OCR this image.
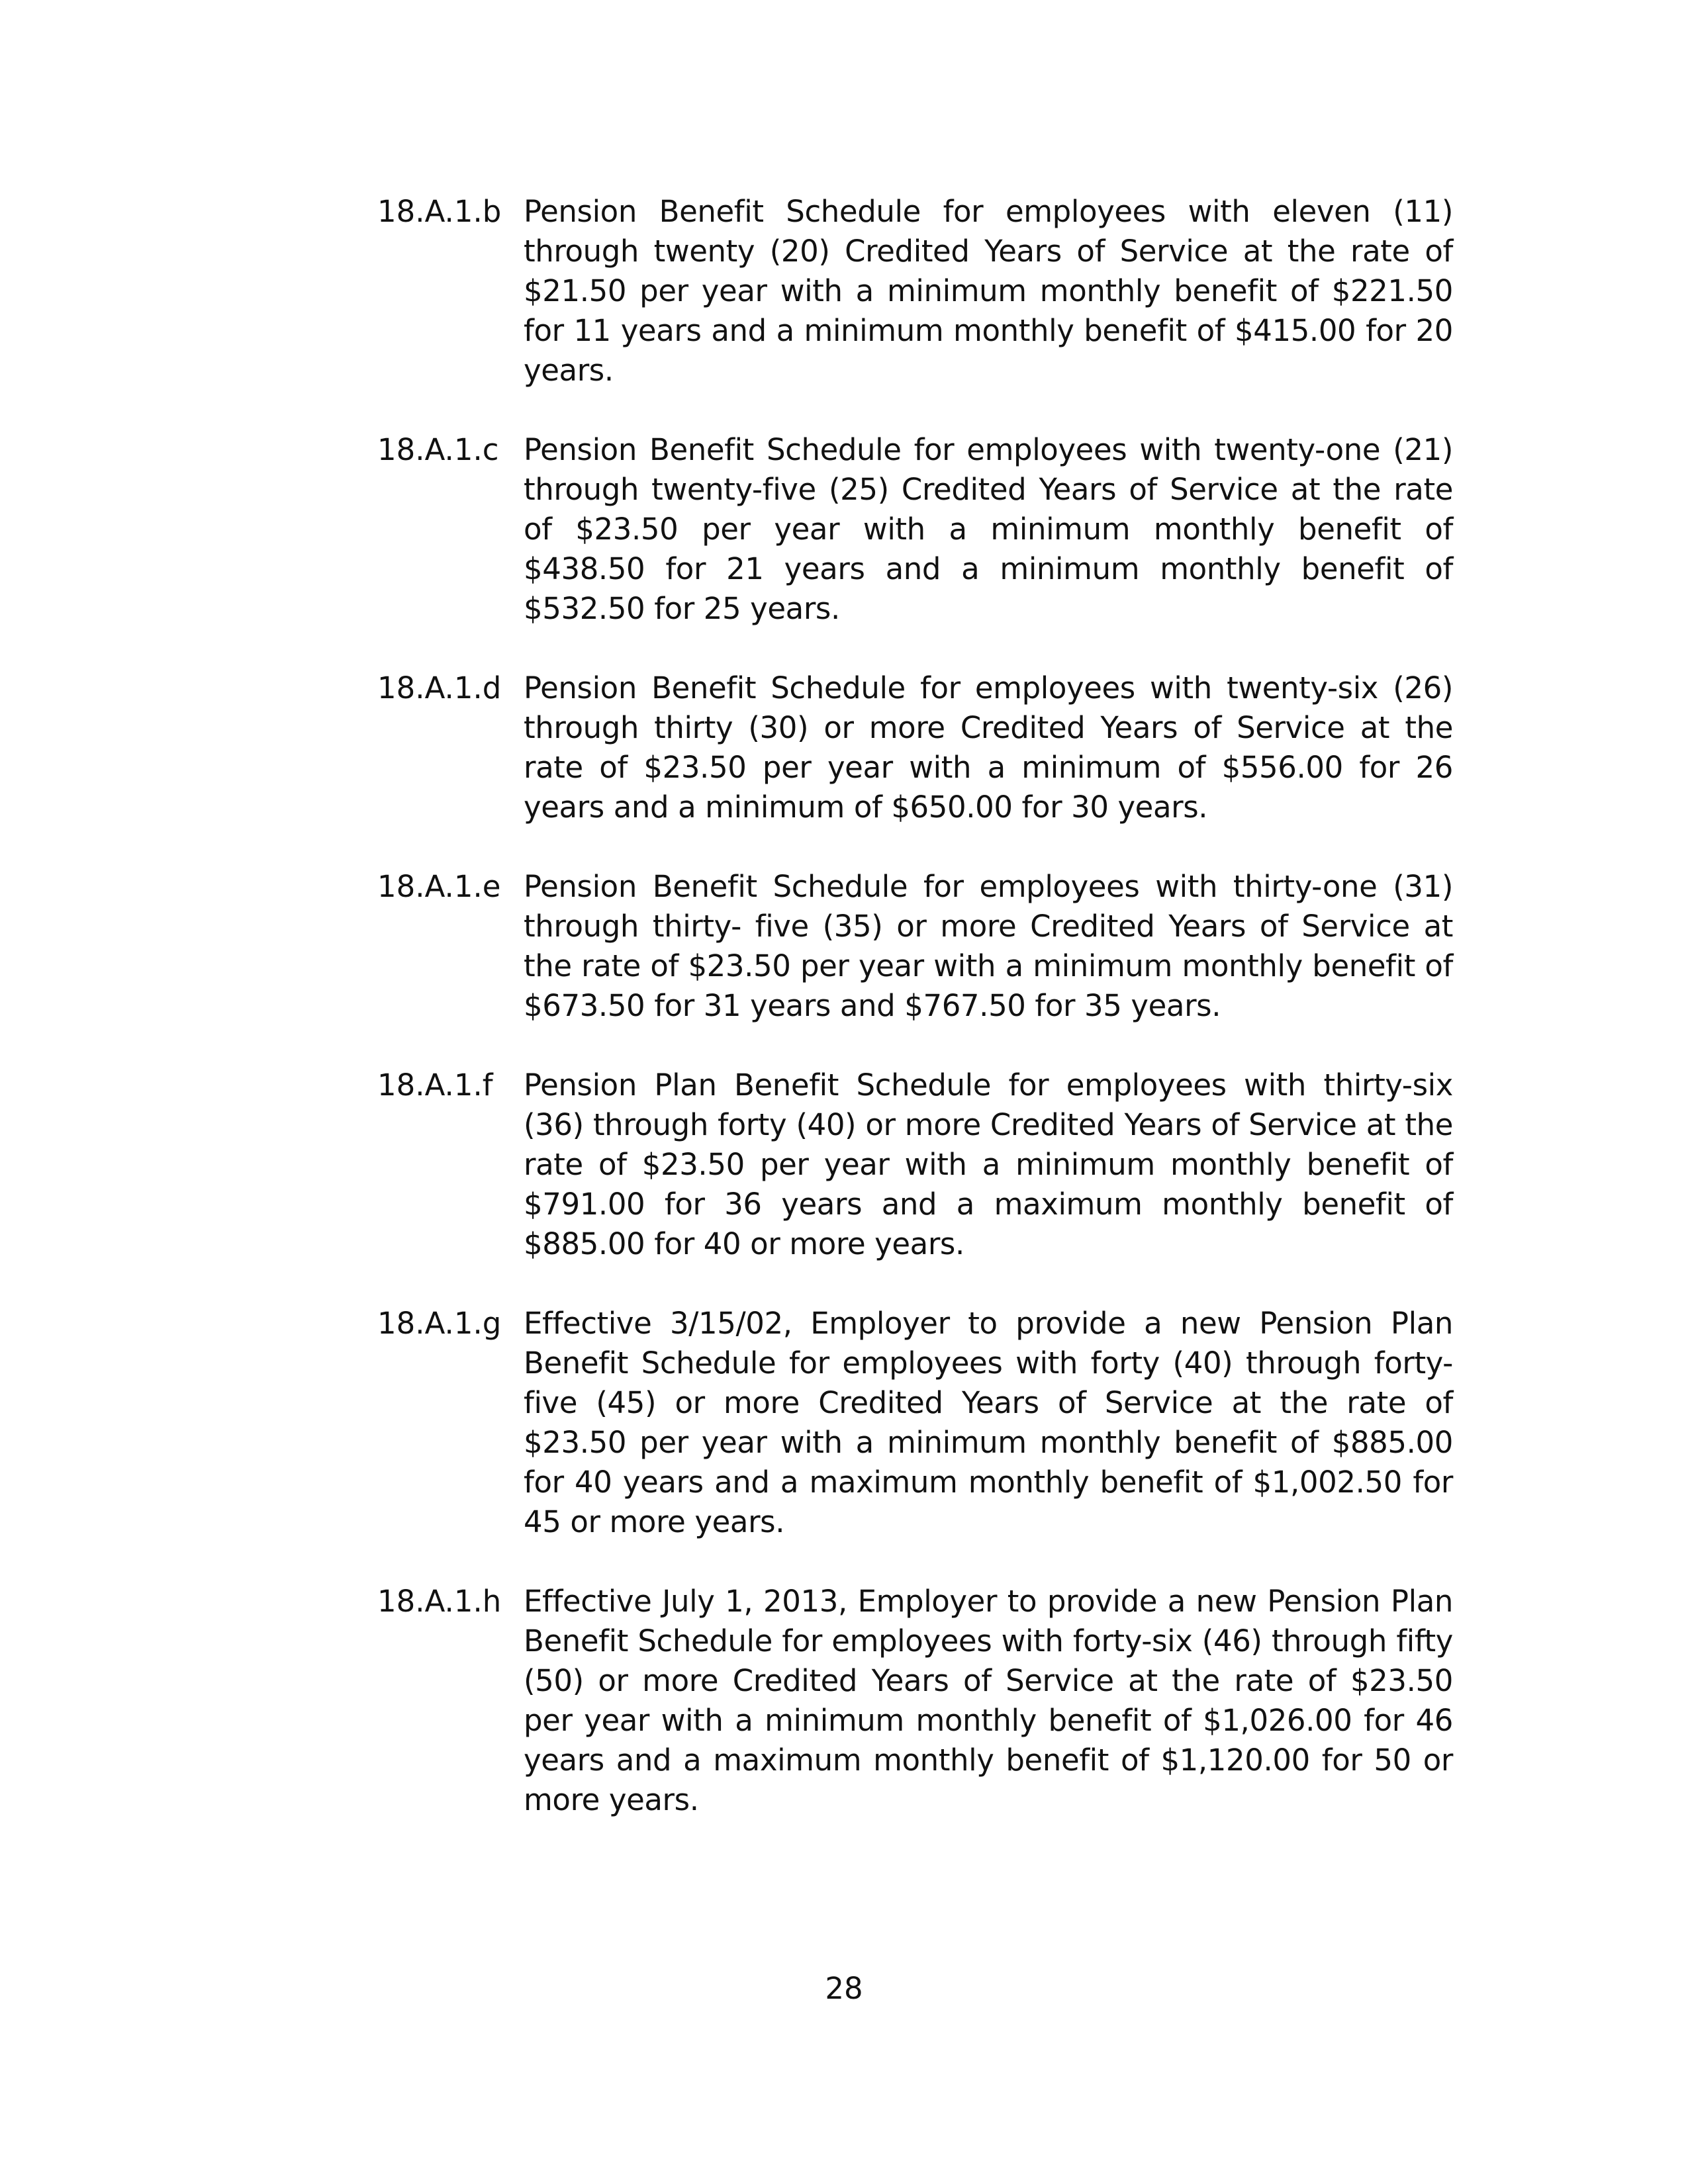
18.A.1.b Pension Benefit Schedule for employees with eleven (11) through twenty (20) Credited Years of Service at the rate of $21.50 per year with a minimum monthly benefit of $221.50 for 11 years and a minimum monthly benefit of $415.00 for 20 years.
18.A.1.c Pension Benefit Schedule for employees with twenty-one (21) through twenty-five (25) Credited Years of Service at the rate of $23.50 per year with a minimum monthly benefit of $438.50 for 21 years and a minimum monthly benefit of $532.50 for 25 years.
18.A.1.d Pension Benefit Schedule for employees with twenty-six (26) through thirty (30) or more Credited Years of Service at the rate of $23.50 per year with a minimum of $556.00 for 26 years and a minimum of $650.00 for 30 years.
18.A.1.e Pension Benefit Schedule for employees with thirty-one (31) through thirty- five (35) or more Credited Years of Service at the rate of $23.50 per year with a minimum monthly benefit of $673.50 for 31 years and $767.50 for 35 years.
18.A.1.f	Pension Plan Benefit Schedule for employees with thirty-six (36) through forty (40) or more Credited Years of Service at the rate of $23.50 per year with a minimum monthly benefit of $791.00 for 36 years and a maximum monthly benefit of $885.00 for 40 or more years.
18.A.1.g Effective 3/15/02, Employer to provide a new Pension Plan Benefit Schedule for employees with forty (40) through forty-five (45) or more Credited Years of Service at the rate of $23.50 per year with a minimum monthly benefit of $885.00 for 40 years and a maximum monthly benefit of $1,002.50 for 45 or more years.
18.A.1.h Effective July 1, 2013, Employer to provide a new Pension Plan Benefit Schedule for employees with forty-six (46) through fifty (50) or more Credited Years of Service at the rate of $23.50 per year with a minimum monthly benefit of $1,026.00 for 46 years and a maximum monthly benefit of $1,120.00 for 50 or more years.
28
